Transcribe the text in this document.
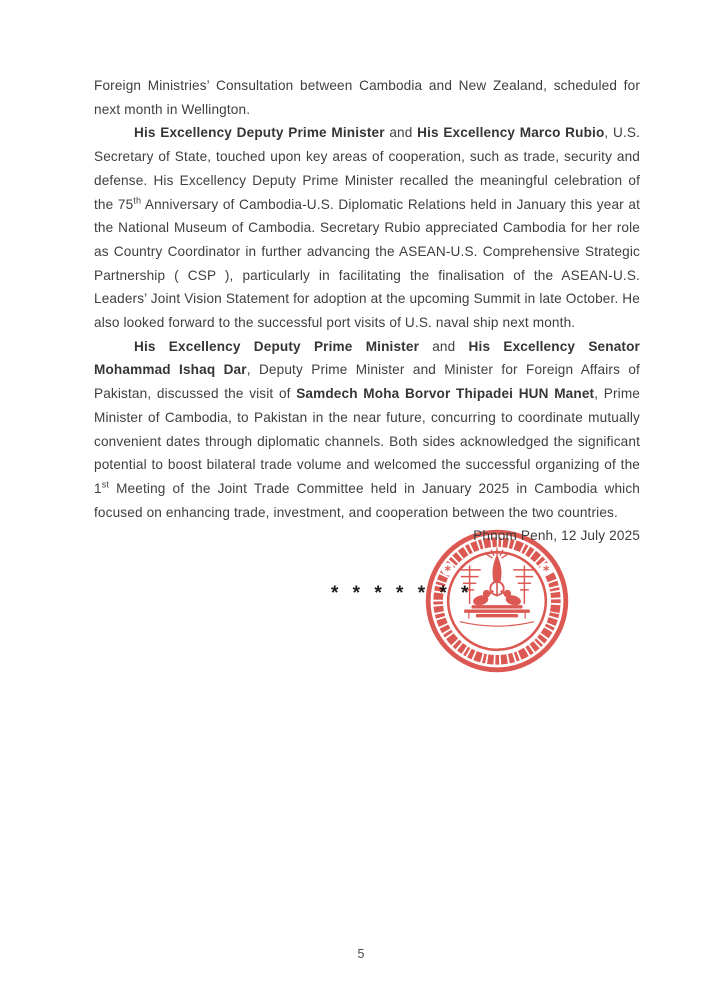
Foreign Ministries’ Consultation between Cambodia and New Zealand, scheduled for next month in Wellington.

His Excellency Deputy Prime Minister and His Excellency Marco Rubio, U.S. Secretary of State, touched upon key areas of cooperation, such as trade, security and defense. His Excellency Deputy Prime Minister recalled the meaningful celebration of the 75th Anniversary of Cambodia-U.S. Diplomatic Relations held in January this year at the National Museum of Cambodia. Secretary Rubio appreciated Cambodia for her role as Country Coordinator in further advancing the ASEAN-U.S. Comprehensive Strategic Partnership ( CSP ), particularly in facilitating the finalisation of the ASEAN-U.S. Leaders’ Joint Vision Statement for adoption at the upcoming Summit in late October. He also looked forward to the successful port visits of U.S. naval ship next month.

His Excellency Deputy Prime Minister and His Excellency Senator Mohammad Ishaq Dar, Deputy Prime Minister and Minister for Foreign Affairs of Pakistan, discussed the visit of Samdech Moha Borvor Thipadei HUN Manet, Prime Minister of Cambodia, to Pakistan in the near future, concurring to coordinate mutually convenient dates through diplomatic channels. Both sides acknowledged the significant potential to boost bilateral trade volume and welcomed the successful organizing of the 1st Meeting of the Joint Trade Committee held in January 2025 in Cambodia which focused on enhancing trade, investment, and cooperation between the two countries.

Phnom Penh, 12 July 2025
* * * * * * *
*	*
5
